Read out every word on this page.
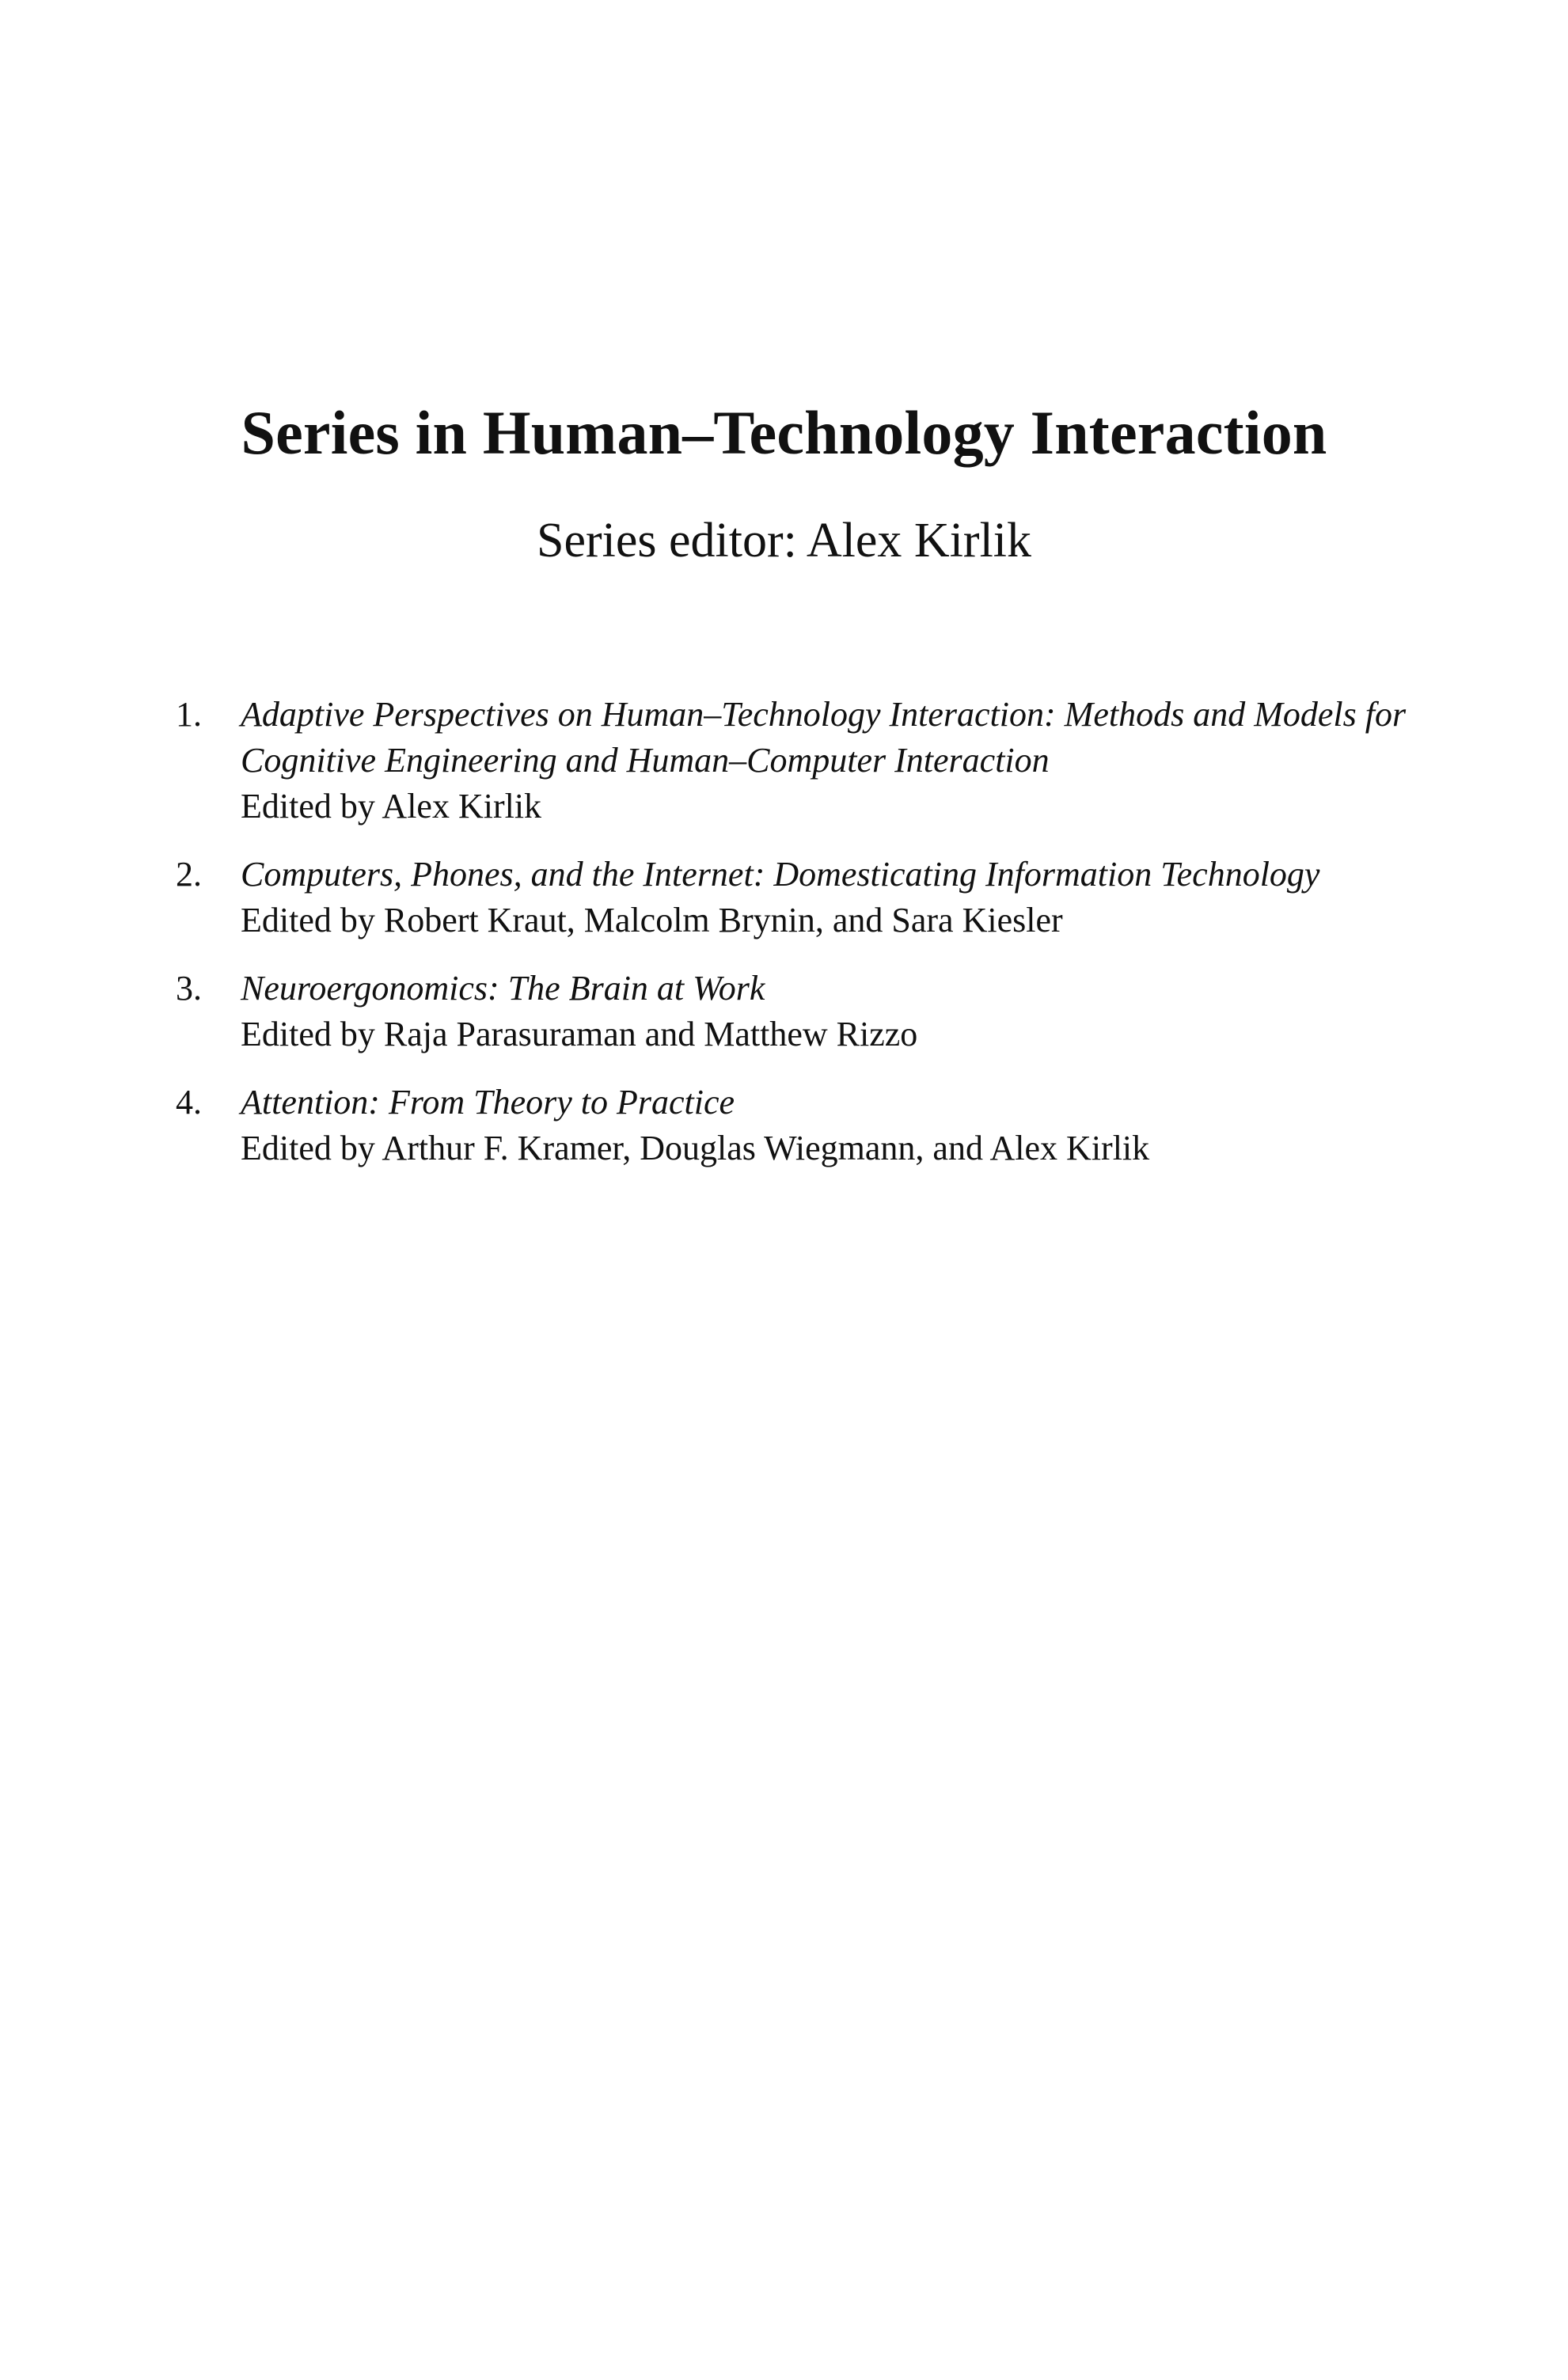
Series in Human–Technology Interaction
Series editor: Alex Kirlik
1. Adaptive Perspectives on Human–Technology Interaction: Methods and Models for Cognitive Engineering and Human–Computer Interaction
Edited by Alex Kirlik
2. Computers, Phones, and the Internet: Domesticating Information Technology
Edited by Robert Kraut, Malcolm Brynin, and Sara Kiesler
3. Neuroergonomics: The Brain at Work
Edited by Raja Parasuraman and Matthew Rizzo
4. Attention: From Theory to Practice
Edited by Arthur F. Kramer, Douglas Wiegmann, and Alex Kirlik
